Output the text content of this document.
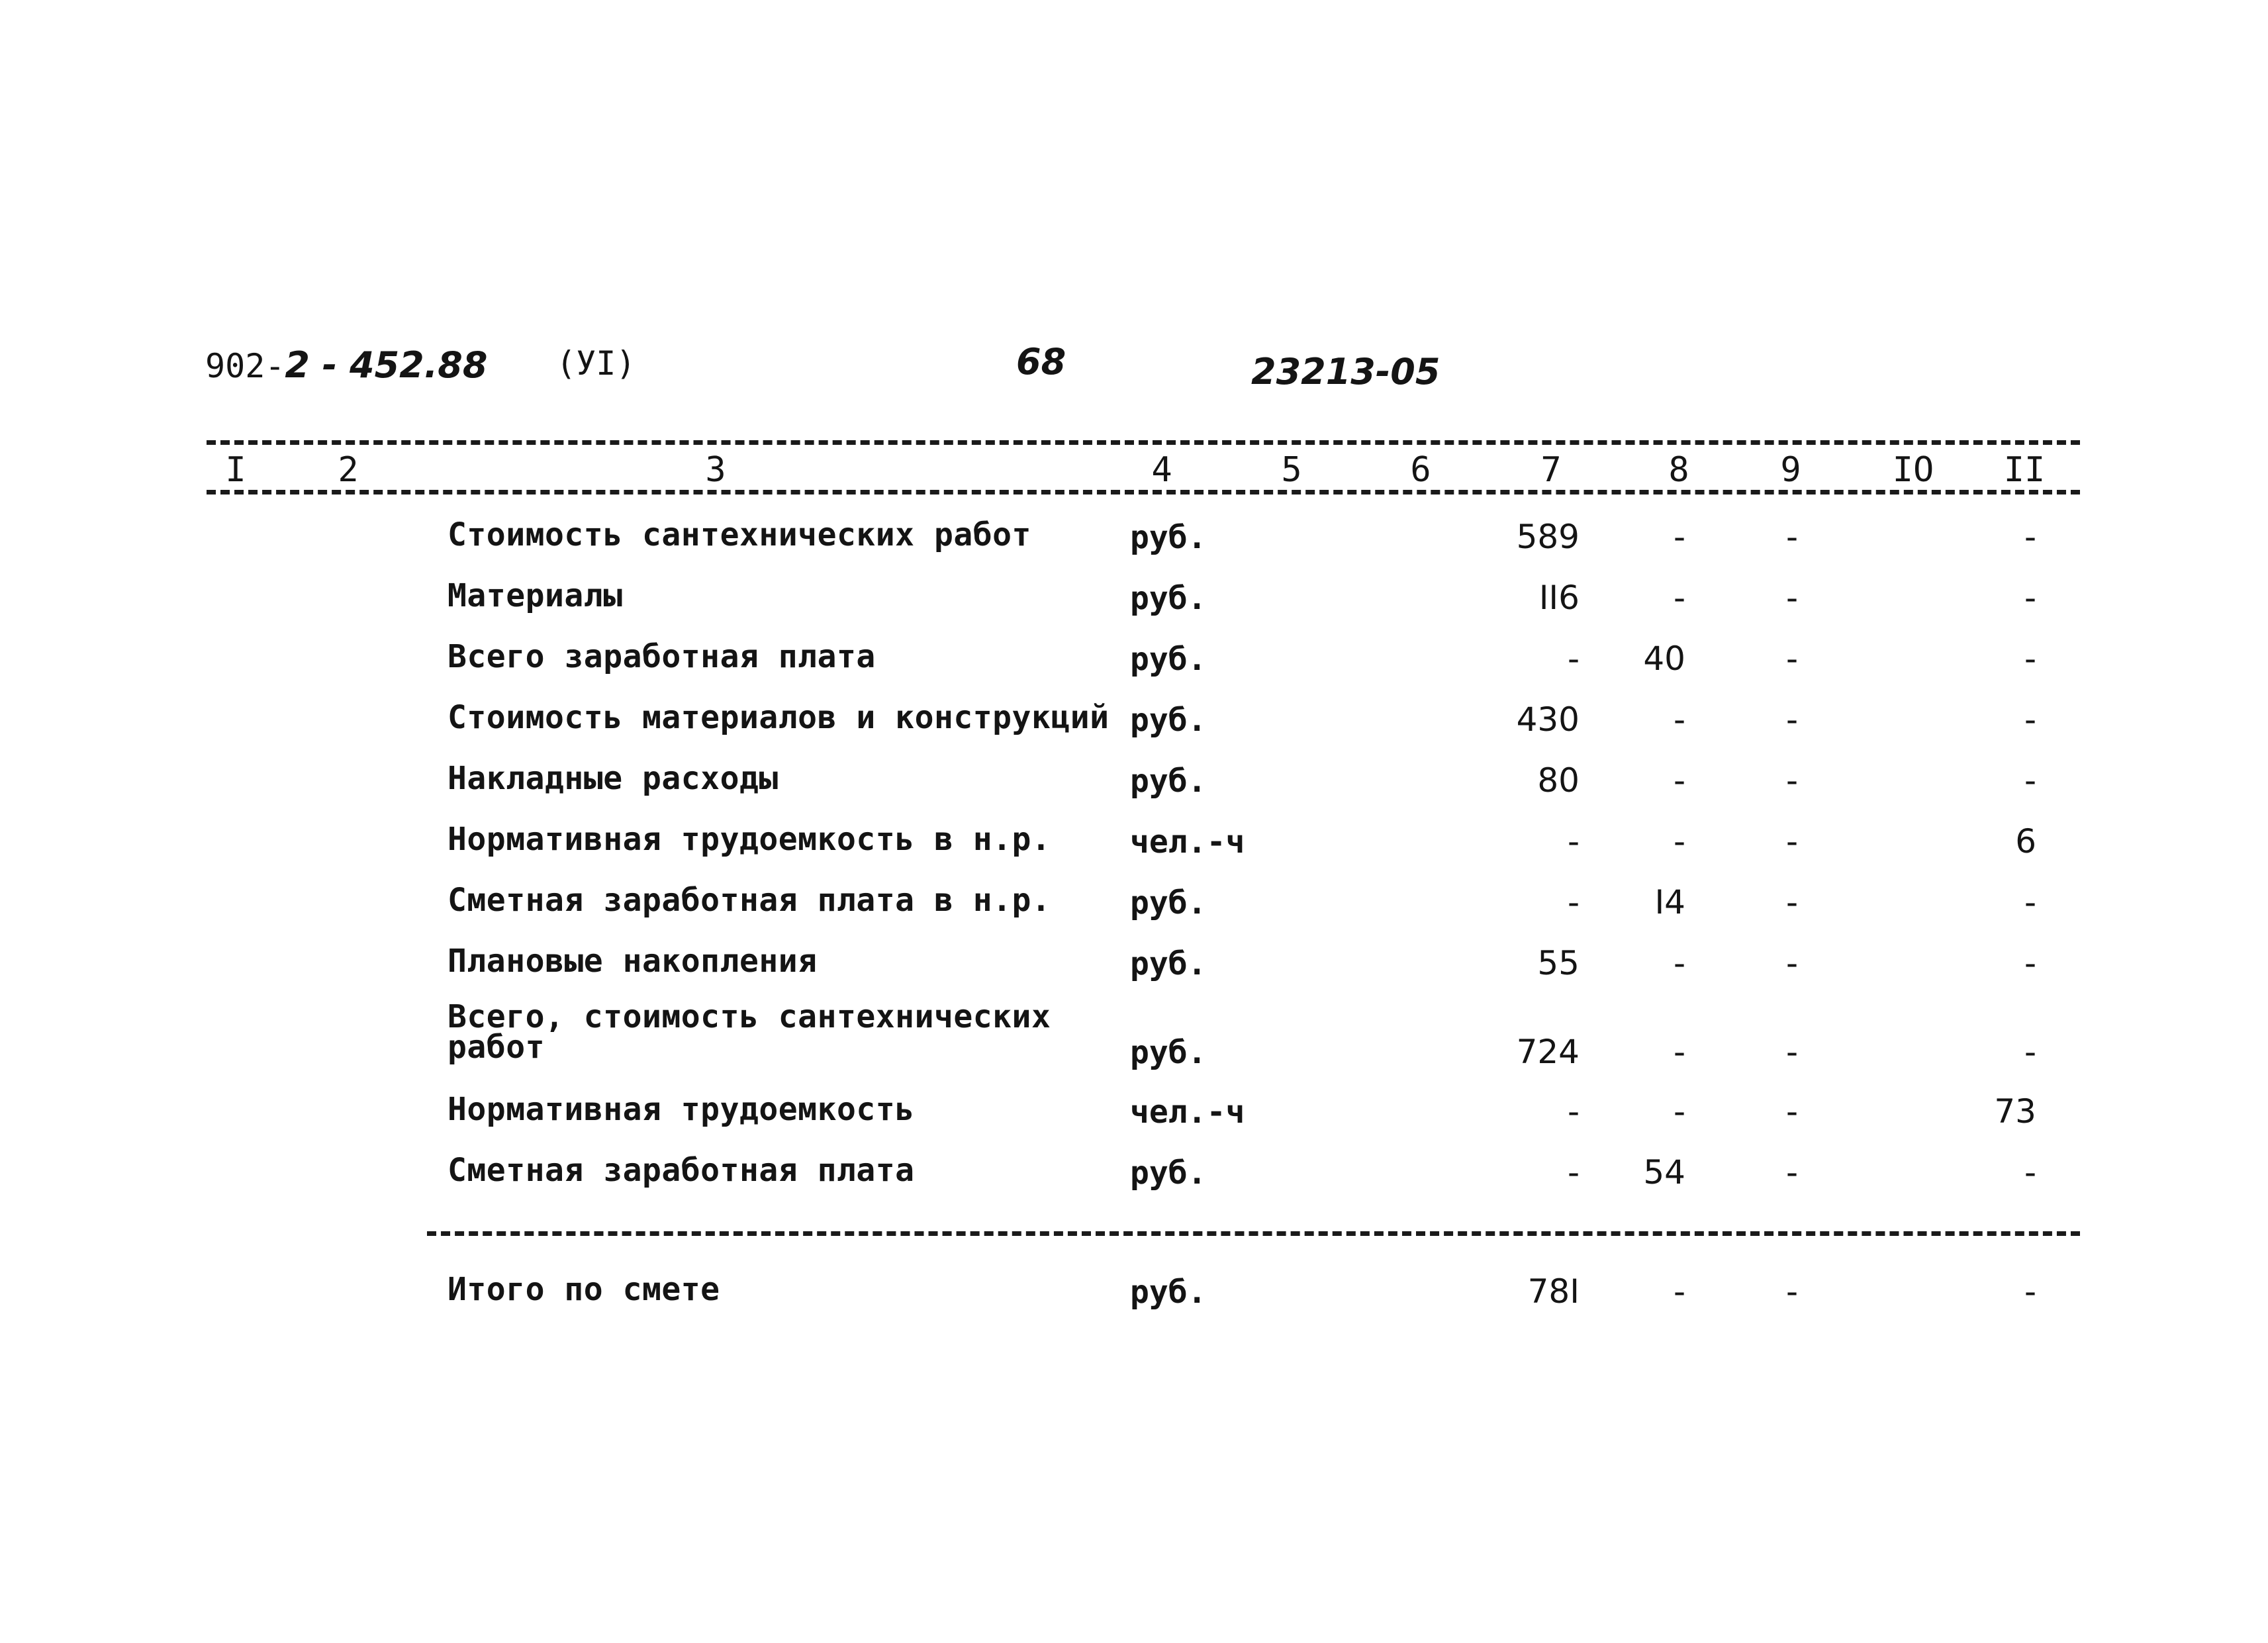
902-2 - 452.88 (УI)	68	23213-05
I	2	3	4	5	6	7	8	9	IO	II
Стоимость сантехнических работ	руб.	589	-	-	-
Материалы	руб.	II6	-	-	-
Всего заработная плата	руб.	-	40	-	-
Стоимость материалов и конструкций руб.	430	-	-	-
Накладные расходы	руб.	80	-	-	-
Нормативная трудоемкость в н.р. чел.-ч	-	-	-	6
Сметная заработная плата в н.р. руб.	-	I4	-	-
Плановые накопления	руб.	55	-	-	-
Всего, стоимость сантехнических
работ	руб.	724	-	-	-
Нормативная трудоемкость	чел.-ч	-	-	-	73
Сметная заработная плата	руб.	-	54	-	-
Итого по смете	руб.	78I	-	-	-
